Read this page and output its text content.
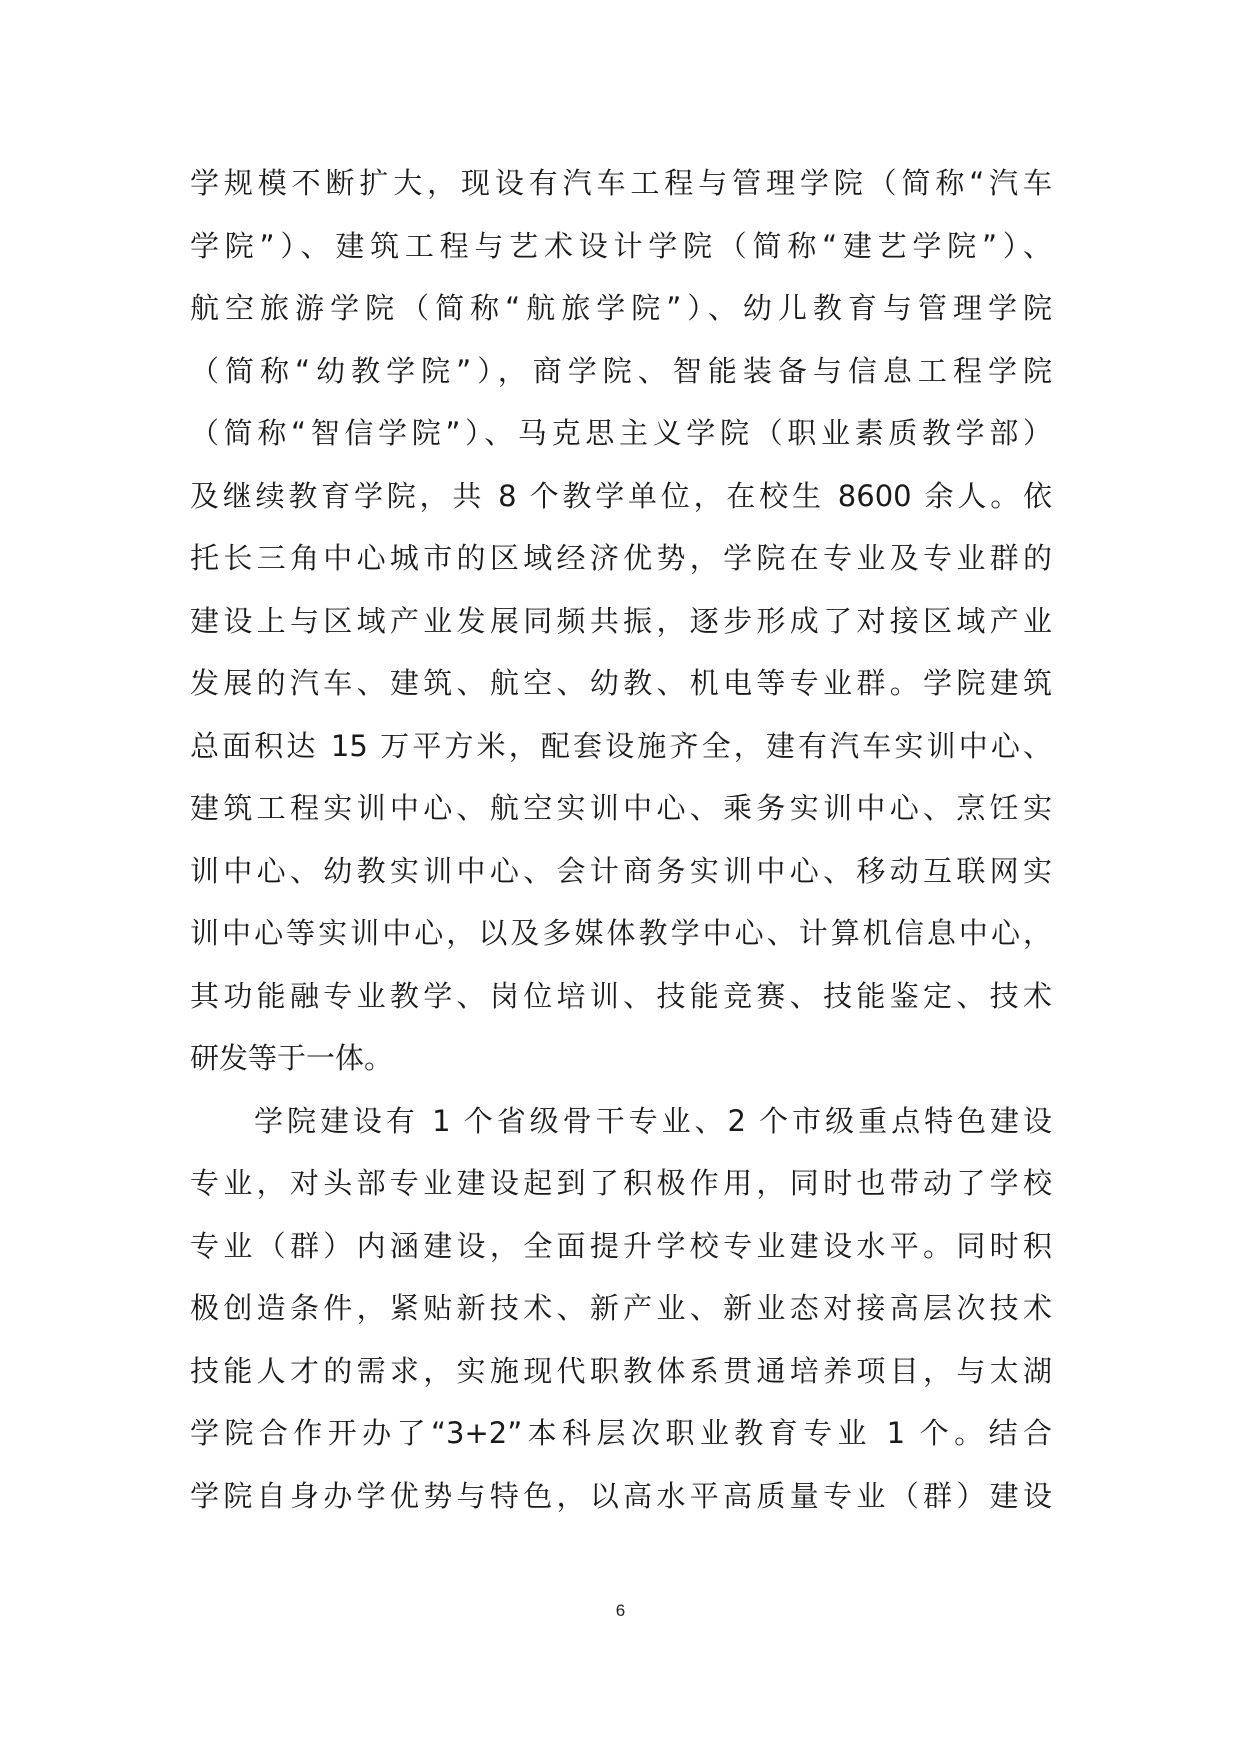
学规模不断扩大，现设有汽车工程与管理学院（简称“汽车
学院”）、建筑工程与艺术设计学院（简称“建艺学院”）、
航空旅游学院（简称“航旅学院”）、幼儿教育与管理学院
（简称“幼教学院”），商学院、智能装备与信息工程学院
（简称“智信学院”）、马克思主义学院（职业素质教学部）
及继续教育学院，共 8 个教学单位，在校生 8600 余人。依
托长三角中心城市的区域经济优势，学院在专业及专业群的
建设上与区域产业发展同频共振，逐步形成了对接区域产业
发展的汽车、建筑、航空、幼教、机电等专业群。学院建筑
总面积达 15 万平方米，配套设施齐全，建有汽车实训中心、
建筑工程实训中心、航空实训中心、乘务实训中心、烹饪实
训中心、幼教实训中心、会计商务实训中心、移动互联网实
训中心等实训中心，以及多媒体教学中心、计算机信息中心，
其功能融专业教学、岗位培训、技能竞赛、技能鉴定、技术
研发等于一体。
学院建设有 1 个省级骨干专业、2 个市级重点特色建设
专业，对头部专业建设起到了积极作用，同时也带动了学校
专业（群）内涵建设，全面提升学校专业建设水平。同时积
极创造条件，紧贴新技术、新产业、新业态对接高层次技术
技能人才的需求，实施现代职教体系贯通培养项目，与太湖
学院合作开办了“3+2”本科层次职业教育专业 1 个。结合
学院自身办学优势与特色，以高水平高质量专业（群）建设
6
